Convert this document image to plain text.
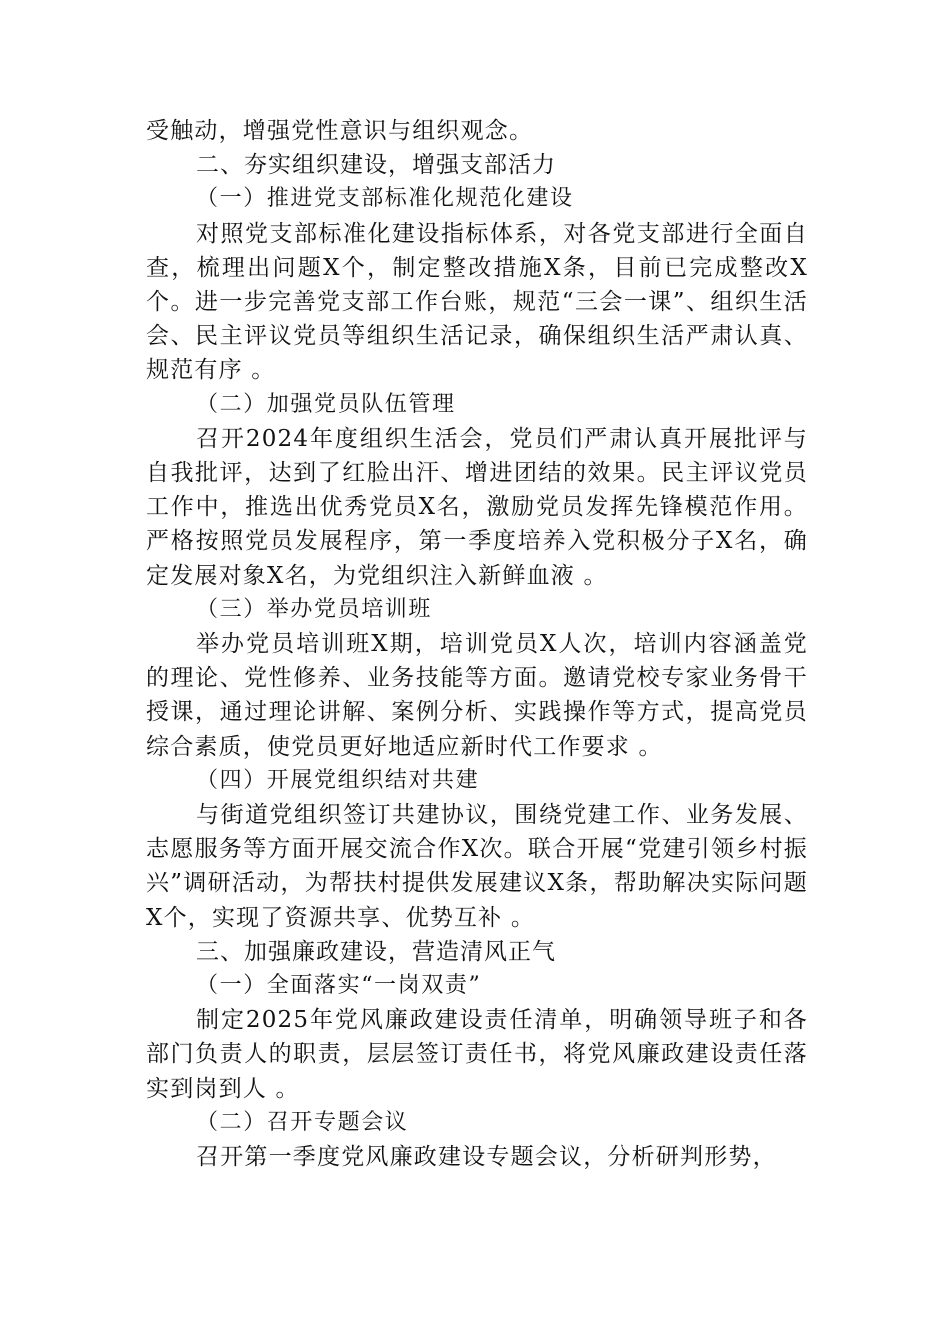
受触动，增强党性意识与组织观念。

二、夯实组织建设，增强支部活力
（一）推进党支部标准化规范化建设

对照党支部标准化建设指标体系，对各党支部进行全面自查，梳理出问题X个，制定整改措施X条，目前已完成整改X个。进一步完善党支部工作台账，规范“三会一课”、组织生活会、民主评议党员等组织生活记录，确保组织生活严肃认真、规范有序 。

（二）加强党员队伍管理

召开2024年度组织生活会，党员们严肃认真开展批评与自我批评，达到了红脸出汗、增进团结的效果。民主评议党员工作中，推选出优秀党员X名，激励党员发挥先锋模范作用。严格按照党员发展程序，第一季度培养入党积极分子X名，确定发展对象X名，为党组织注入新鲜血液 。

（三）举办党员培训班

举办党员培训班X期，培训党员X人次，培训内容涵盖党的理论、党性修养、业务技能等方面。邀请党校专家业务骨干授课，通过理论讲解、案例分析、实践操作等方式，提高党员综合素质，使党员更好地适应新时代工作要求 。

（四）开展党组织结对共建

与街道党组织签订共建协议，围绕党建工作、业务发展、志愿服务等方面开展交流合作X次。联合开展“党建引领乡村振兴”调研活动，为帮扶村提供发展建议X条，帮助解决实际问题X个，实现了资源共享、优势互补 。

三、加强廉政建设，营造清风正气
（一）全面落实“一岗双责”

制定2025年党风廉政建设责任清单，明确领导班子和各部门负责人的职责，层层签订责任书，将党风廉政建设责任落实到岗到人 。

（二）召开专题会议

召开第一季度党风廉政建设专题会议，分析研判形势，
